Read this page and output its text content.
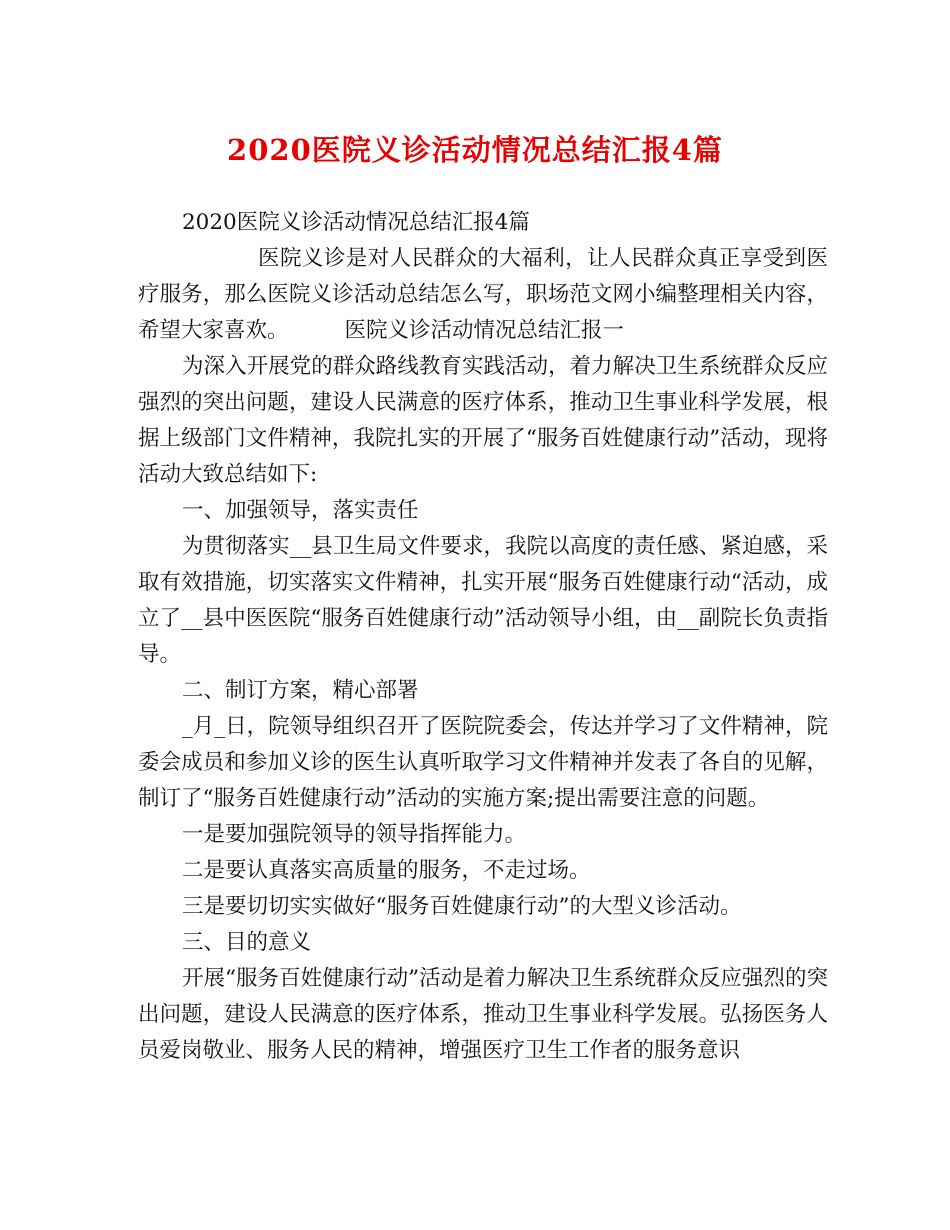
2020医院义诊活动情况总结汇报4篇

2020医院义诊活动情况总结汇报4篇

医院义诊是对人民群众的大福利，让人民群众真正享受到医疗服务，那么医院义诊活动总结怎么写，职场范文网小编整理相关内容，希望大家喜欢。	医院义诊活动情况总结汇报一

为深入开展党的群众路线教育实践活动，着力解决卫生系统群众反应强烈的突出问题，建设人民满意的医疗体系，推动卫生事业科学发展，根据上级部门文件精神，我院扎实的开展了“服务百姓健康行动”活动，现将活动大致总结如下:

一、加强领导，落实责任

为贯彻落实__县卫生局文件要求，我院以高度的责任感、紧迫感，采取有效措施，切实落实文件精神，扎实开展“服务百姓健康行动“活动，成立了__县中医医院“服务百姓健康行动”活动领导小组，由__副院长负责指导。

二、制订方案，精心部署

_月_日，院领导组织召开了医院院委会，传达并学习了文件精神，院委会成员和参加义诊的医生认真听取学习文件精神并发表了各自的见解，制订了“服务百姓健康行动”活动的实施方案;提出需要注意的问题。

一是要加强院领导的领导指挥能力。

二是要认真落实高质量的服务，不走过场。

三是要切切实实做好“服务百姓健康行动”的大型义诊活动。

三、目的意义

开展“服务百姓健康行动”活动是着力解决卫生系统群众反应强烈的突出问题，建设人民满意的医疗体系，推动卫生事业科学发展。弘扬医务人员爱岗敬业、服务人民的精神，增强医疗卫生工作者的服务意识
